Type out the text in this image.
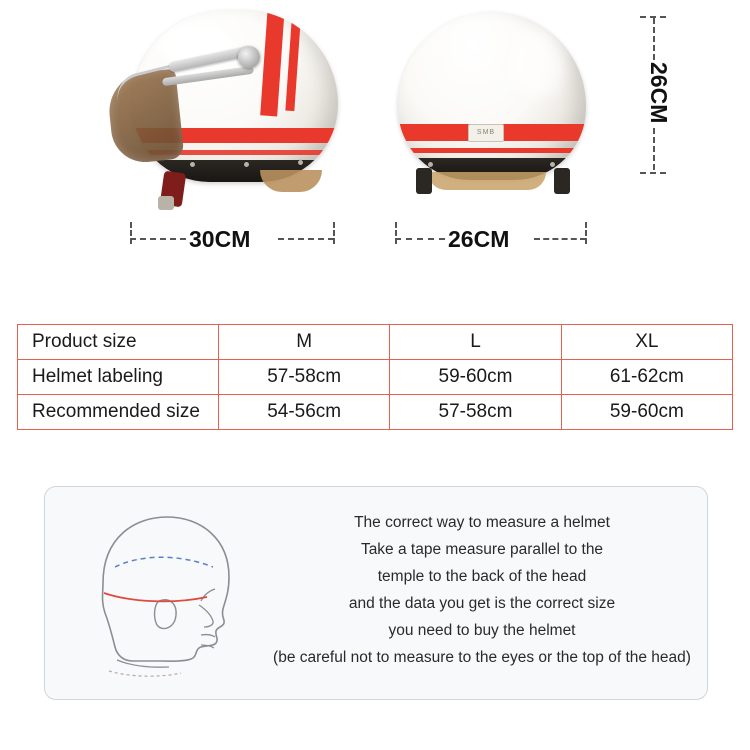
SMB
30CM	26CM
26CM
Product size	M	L	XL
Helmet labeling	57-58cm	59-60cm	61-62cm
Recommended size	54-56cm	57-58cm	59-60cm
The correct way to measure a helmet
Take a tape measure parallel to the
temple to the back of the head
and the data you get is the correct size
you need to buy the helmet
(be careful not to measure to the eyes or the top of the head)
